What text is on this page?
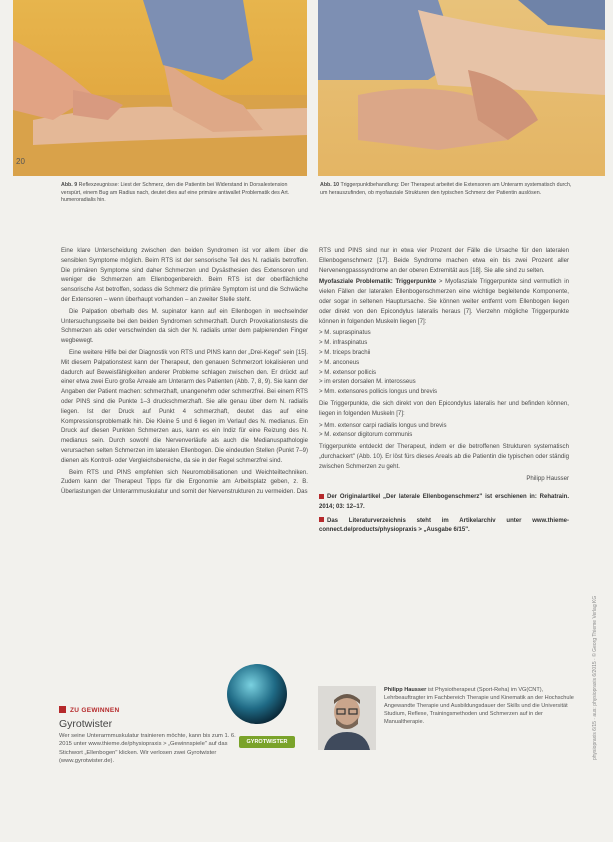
20
Abb. 9 Reflexzeugnisse: Liest der Schmerz, den die Patientin bei Widerstand in Dorsalextension verspürt, einem Bug am Radius nach, deutet dies auf eine primäre antiwallet Problematik des Art. humeroradialis hin.
Abb. 10 Triggerpunktbehandlung: Der Therapeut arbeitet die Extensoren am Unterarm systematisch durch, um herauszufinden, ob myofasziale Strukturen den typischen Schmerz der Patientin auslösen.

Eine klare Unterscheidung zwischen den beiden Syndromen ist vor allem über die sensiblen Symptome möglich. Beim RTS ist der sensorische Teil des N. radialis betroffen. Die primären Symptome sind daher Schmerzen und Dysästhesien des Extensoren und weniger die Schmerzen am Ellenbogenbereich. Beim RTS ist der oberflächliche sensorische Ast betroffen, sodass die Schmerz die primäre Symptom ist und die Schwäche der Extensoren – wenn überhaupt vorhanden – an zweiter Stelle steht.

Die Palpation oberhalb des M. supinator kann auf ein Ellenbogen in wechselnder Untersuchungsseite bei den beiden Syndromen schmerzhaft. Durch Provokationstests die Schmerzen als oder verschwinden da sich der N. radialis unter dem palpierenden Finger wegbewegt.

Eine weitere Hilfe bei der Diagnostik von RTS und PINS kann der „Drei-Kegel" sein [15]. Mit diesem Palpationstest kann der Therapeut, den genauen Schmerzort lokalisieren und dadurch auf Beweisfähigkeiten anderer Probleme schlagen zwischen den. Er drückt auf einer etwa zwei Euro große Arreale am Unterarm des Patienten (Abb. 7, 8, 9). Sie kann der Angaben der Patient machen: schmerzhaft, unangenehm oder schmerzfrei. Bei einem RTS oder PINS sind die Punkte 1–3 druckschmerzhaft. Sie alle genau über dem N. radialis liegen. Ist der Druck auf Punkt 4 schmerzhaft, deutet das auf eine Kompressionsproblematik hin. Die Kleine 5 und 6 liegen im Verlauf des N. medianus. Ein Druck auf diesen Punkten Schmerzen aus, kann es ein Indiz für eine Reizung des N. medianus sein. Durch sowohl die Nervenverläufe als auch die Medianuspathologie verursachen selten Schmerzen im lateralen Ellenbogen. Die eindeutlen Stellen (Punkt 7–9) dienen als Kontroll- oder Vergleichsbereiche, da sie in der Regel schmerzfrei sind.

Beim RTS und PINS empfehlen sich Neuromobilisationen und Weichteiltechniken. Zudem kann der Therapeut Tipps für die Ergonomie am Arbeitsplatz geben, z. B. Überlastungen der Unterarmmuskulatur und somit der Nervenstrukturen zu vermeiden. Das

RTS und PINS sind nur in etwa vier Prozent der Fälle die Ursache für den lateralen Ellenbogenschmerz [17]. Beide Syndrome machen etwa ein bis zwei Prozent aller Nervenengpasssyndrome an der oberen Extremität aus [18]. Sie alle sind zu selten.

Myofasziale Problematik: Triggerpunkte > Myofasziale Triggerpunkte sind vermutlich in vielen Fällen der lateralen Ellenbogenschmerzen eine wichtige begleitende Komponente, oder sogar in seltenen Hauptursache. Sie können weiter entfernt vom Ellenbogen liegen oder direkt von den Epicondylus lateralis heraus [7]. Vierzehn mögliche Triggerpunkte können in folgenden Muskeln liegen [7]:

> M. supraspinatus
> M. infraspinatus
> M. triceps brachii
> M. anconeus
> M. extensor pollicis
> im ersten dorsalen M. interosseus
> Mm. extensores pollicis longus und brevis

Die Triggerpunkte, die sich direkt von den Epicondylus lateralis her und befinden können, liegen in folgenden Muskeln [7]:

> Mm. extensor carpi radialis longus und brevis
> M. extensor digitorum communis

Triggerpunkte entdeckt der Therapeut, indem er die betroffenen Strukturen systematisch „durchackert" (Abb. 10). Er löst fürs dieses Areals ab die Patientin die typischen oder ständig zwischen Schmerzen zu geht.

Philipp Hausser
Der Originalartikel „Der laterale Ellenbogenschmerz" ist erschienen in: Rehatrain. 2014; 03: 12–17.
Das Literaturverzeichnis steht im Artikelarchiv unter www.thieme-connect.de/products/physiopraxis > „Ausgabe 6/15".
ZU GEWINNEN
Gyrotwister
Wer seine Unterarmmuskulatur trainieren möchte, kann bis zum 1. 6. 2015 unter www.thieme.de/physiopraxis > „Gewinnspiele" auf das Stichwort „Ellenbogen" klicken. Wir verlosen zwei Gyrotwister (www.gyrotwister.de).
GYROTWISTER
Philipp Hausser ist Physiotherapeut (Sport-Reha) im VG(CNT), Lehrbeauftragter im Fachbereich Therapie und Kinematik an der Hochschule Angewandte Therapie und Ausbildungsdauer der Skills und die Universität Studium, Reflexe, Trainingsmethoden und Schmerzen auf in der Manualtherapie.	physiopraxis 6/15 · aus: physiopraxis 6/2015 · © Georg Thieme Verlag KG
